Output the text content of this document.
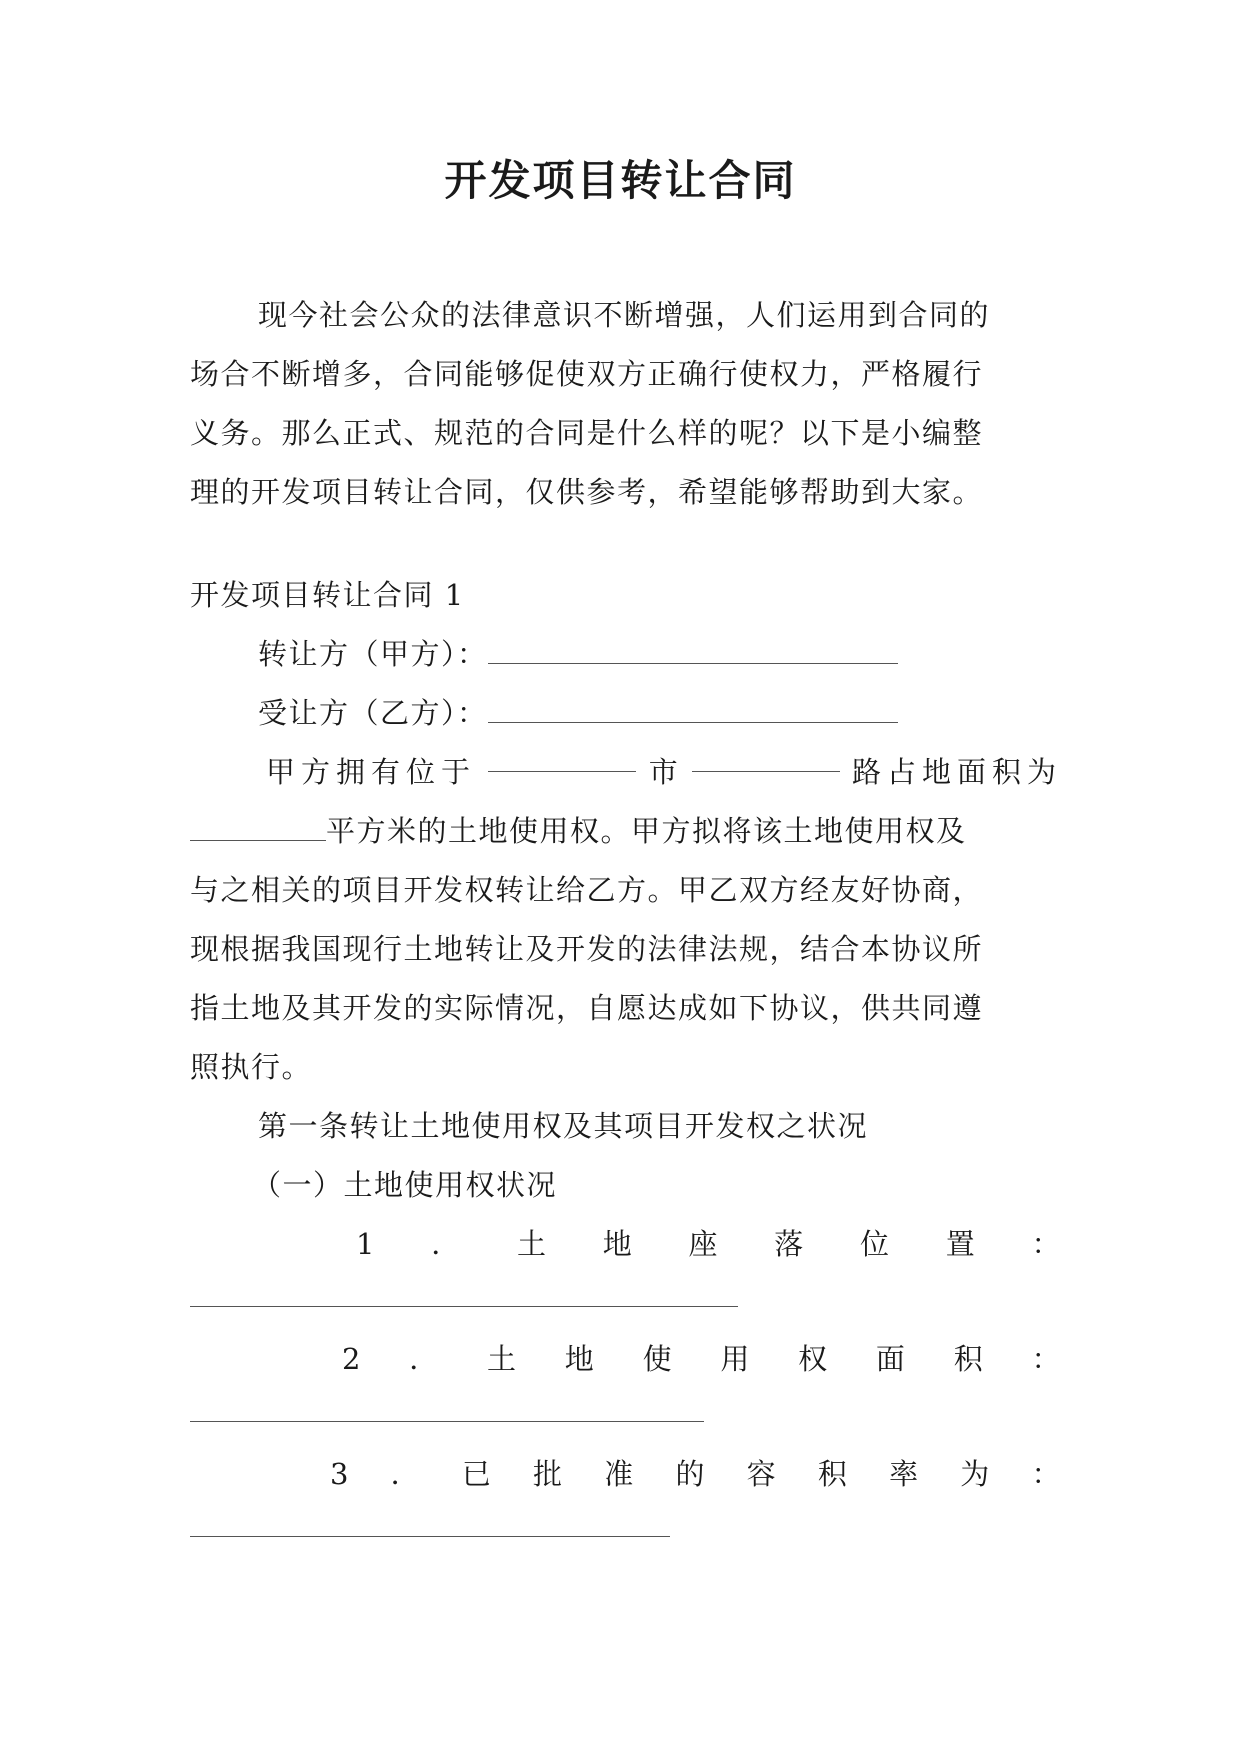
开发项目转让合同
现今社会公众的法律意识不断增强，人们运用到合同的
场合不断增多，合同能够促使双方正确行使权力，严格履行
义务。那么正式、规范的合同是什么样的呢？以下是小编整
理的开发项目转让合同，仅供参考，希望能够帮助到大家。
开发项目转让合同 1
转让方（甲方）：
受让方（乙方）：
甲方拥有位于	市	路占地面积为
平方米的土地使用权。甲方拟将该土地使用权及
与之相关的项目开发权转让给乙方。甲乙双方经友好协商，
现根据我国现行土地转让及开发的法律法规，结合本协议所
指土地及其开发的实际情况，自愿达成如下协议，供共同遵
照执行。
第一条转让土地使用权及其项目开发权之状况
（一）土地使用权状况
1 ． 土 地 座 落 位 置 ：
2 ． 土 地 使 用 权 面 积 ：
3 ． 已 批 准 的 容 积 率 为 ：
